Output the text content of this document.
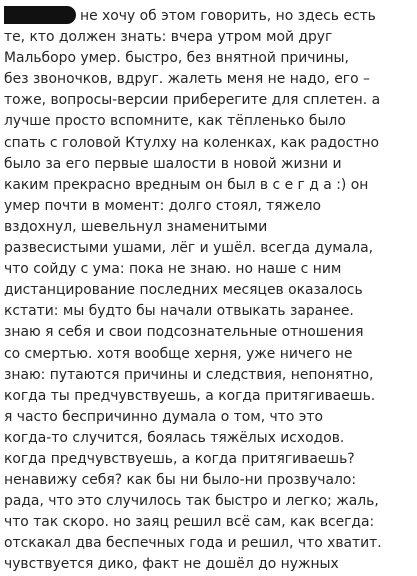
не хочу об этом говорить, но здесь есть
те, кто должен знать: вчера утром мой друг
Мальборо умер. быстро, без внятной причины,
без звоночков, вдруг. жалеть меня не надо, его –
тоже, вопросы-версии приберегите для сплетен. а
лучше просто вспомните, как тёпленько было
спать с головой Ктулху на коленках, как радостно
было за его первые шалости в новой жизни и
каким прекрасно вредным он был в с е г д а :) он
умер почти в момент: долго стоял, тяжело
вздохнул, шевельнул знаменитыми
развесистыми ушами, лёг и ушёл. всегда думала,
что сойду с ума: пока не знаю. но наше с ним
дистанцирование последних месяцев оказалось
кстати: мы будто бы начали отвыкать заранее.
знаю я себя и свои подсознательные отношения
со смертью. хотя вообще херня, уже ничего не
знаю: путаются причины и следствия, непонятно,
когда ты предчувствуешь, а когда притягиваешь.
я часто беспричинно думала о том, что это
когда-то случится, боялась тяжёлых исходов.
когда предчувствуешь, а когда притягиваешь?
ненавижу себя? как бы ни было-ни прозвучало:
рада, что это случилось так быстро и легко; жаль,
что так скоро. но заяц решил всё сам, как всегда:
отскакал два беспечных года и решил, что хватит.
чувствуется дико, факт не дошёл до нужных
